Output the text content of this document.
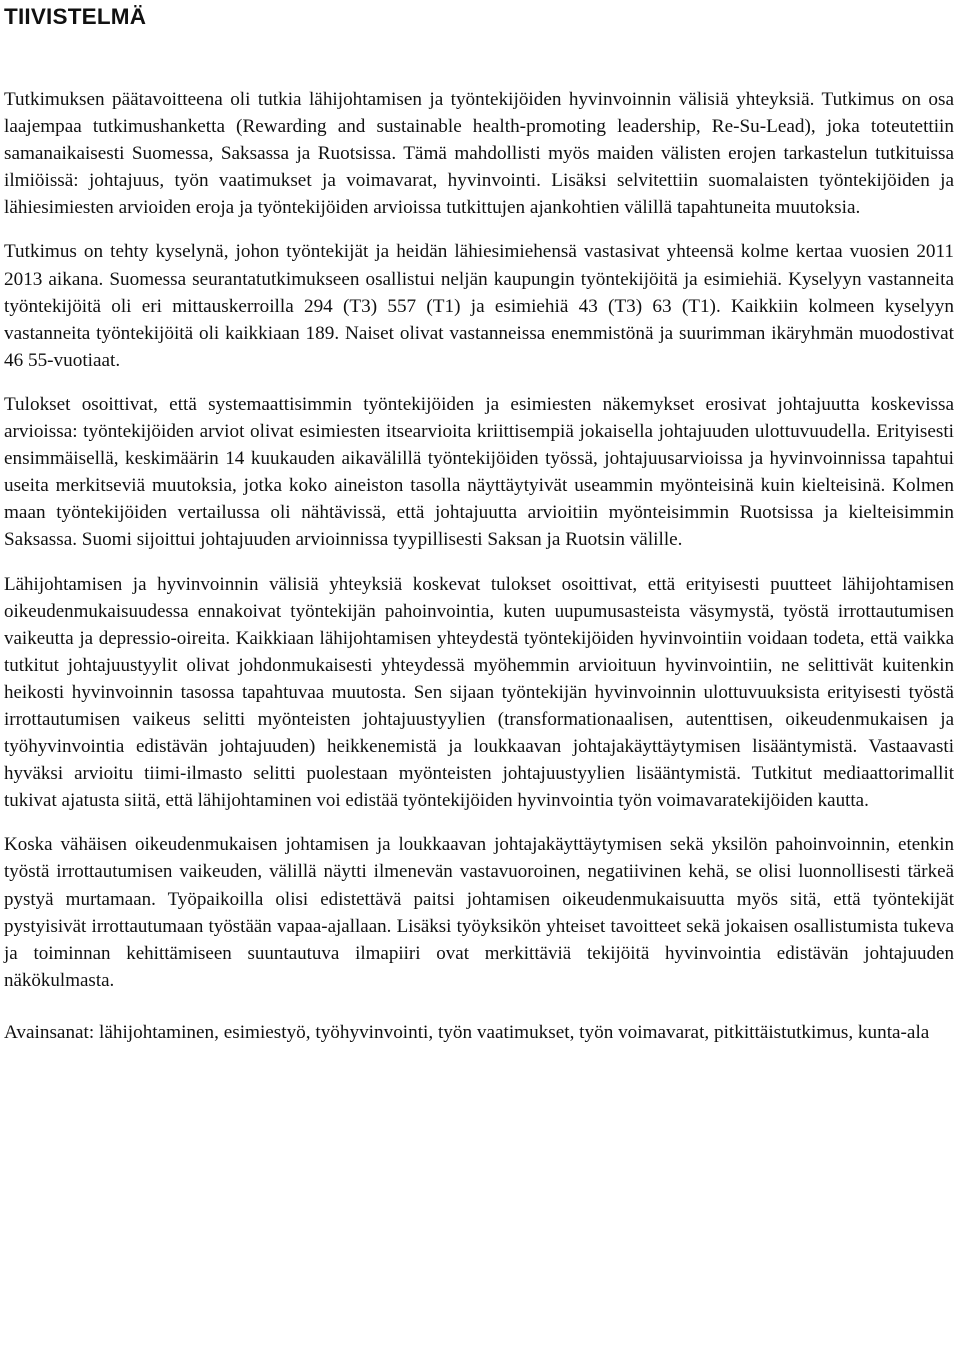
TIIVISTELMÄ

Tutkimuksen päätavoitteena oli tutkia lähijohtamisen ja työntekijöiden hyvinvoinnin välisiä yhteyksiä. Tutkimus on osa laajempaa tutkimushanketta (Rewarding and sustainable health-promoting leadership, Re-Su-Lead), joka toteutettiin samanaikaisesti Suomessa, Saksassa ja Ruotsissa. Tämä mahdollisti myös maiden välisten erojen tarkastelun tutkituissa ilmiöissä: johtajuus, työn vaatimukset ja voimavarat, hyvinvointi. Lisäksi selvitettiin suomalaisten työntekijöiden ja lähiesimiesten arvioiden eroja ja työntekijöiden arvioissa tutkittujen ajankohtien välillä tapahtuneita muutoksia.

Tutkimus on tehty kyselynä, johon työntekijät ja heidän lähiesimiehensä vastasivat yhteensä kolme kertaa vuosien 2011 2013 aikana. Suomessa seurantatutkimukseen osallistui neljän kaupungin työntekijöitä ja esimiehiä. Kyselyyn vastanneita työntekijöitä oli eri mittauskerroilla 294 (T3) 557 (T1) ja esimiehiä 43 (T3) 63 (T1). Kaikkiin kolmeen kyselyyn vastanneita työntekijöitä oli kaikkiaan 189. Naiset olivat vastanneissa enemmistönä ja suurimman ikäryhmän muodostivat 46 55-vuotiaat.

Tulokset osoittivat, että systemaattisimmin työntekijöiden ja esimiesten näkemykset erosivat johtajuutta koskevissa arvioissa: työntekijöiden arviot olivat esimiesten itsearvioita kriittisempiä jokaisella johtajuuden ulottuvuudella. Erityisesti ensimmäisellä, keskimäärin 14 kuukauden aikavälillä työntekijöiden työssä, johtajuusarvioissa ja hyvinvoinnissa tapahtui useita merkitseviä muutoksia, jotka koko aineiston tasolla näyttäytyivät useammin myönteisinä kuin kielteisinä. Kolmen maan työntekijöiden vertailussa oli nähtävissä, että johtajuutta arvioitiin myönteisimmin Ruotsissa ja kielteisimmin Saksassa. Suomi sijoittui johtajuuden arvioinnissa tyypillisesti Saksan ja Ruotsin välille.

Lähijohtamisen ja hyvinvoinnin välisiä yhteyksiä koskevat tulokset osoittivat, että erityisesti puutteet lähijohtamisen oikeudenmukaisuudessa ennakoivat työntekijän pahoinvointia, kuten uupumusasteista väsymystä, työstä irrottautumisen vaikeutta ja depressio-oireita. Kaikkiaan lähijohtamisen yhteydestä työntekijöiden hyvinvointiin voidaan todeta, että vaikka tutkitut johtajuustyylit olivat johdonmukaisesti yhteydessä myöhemmin arvioituun hyvinvointiin, ne selittivät kuitenkin heikosti hyvinvoinnin tasossa tapahtuvaa muutosta. Sen sijaan työntekijän hyvinvoinnin ulottuvuuksista erityisesti työstä irrottautumisen vaikeus selitti myönteisten johtajuustyylien (transformationaalisen, autenttisen, oikeudenmukaisen ja työhyvinvointia edistävän johtajuuden) heikkenemistä ja loukkaavan johtajakäyttäytymisen lisääntymistä. Vastaavasti hyväksi arvioitu tiimi-ilmasto selitti puolestaan myönteisten johtajuustyylien lisääntymistä. Tutkitut mediaattorimallit tukivat ajatusta siitä, että lähijohtaminen voi edistää työntekijöiden hyvinvointia työn voimavaratekijöiden kautta.

Koska vähäisen oikeudenmukaisen johtamisen ja loukkaavan johtajakäyttäytymisen sekä yksilön pahoinvoinnin, etenkin työstä irrottautumisen vaikeuden, välillä näytti ilmenevän vastavuoroinen, negatiivinen kehä, se olisi luonnollisesti tärkeä pystyä murtamaan. Työpaikoilla olisi edistettävä paitsi johtamisen oikeudenmukaisuutta myös sitä, että työntekijät pystyisivät irrottautumaan työstään vapaa-ajallaan. Lisäksi työyksikön yhteiset tavoitteet sekä jokaisen osallistumista tukeva ja toiminnan kehittämiseen suuntautuva ilmapiiri ovat merkittäviä tekijöitä hyvinvointia edistävän johtajuuden näkökulmasta.

Avainsanat: lähijohtaminen, esimiestyö, työhyvinvointi, työn vaatimukset, työn voimavarat, pitkittäistutkimus, kunta-ala
